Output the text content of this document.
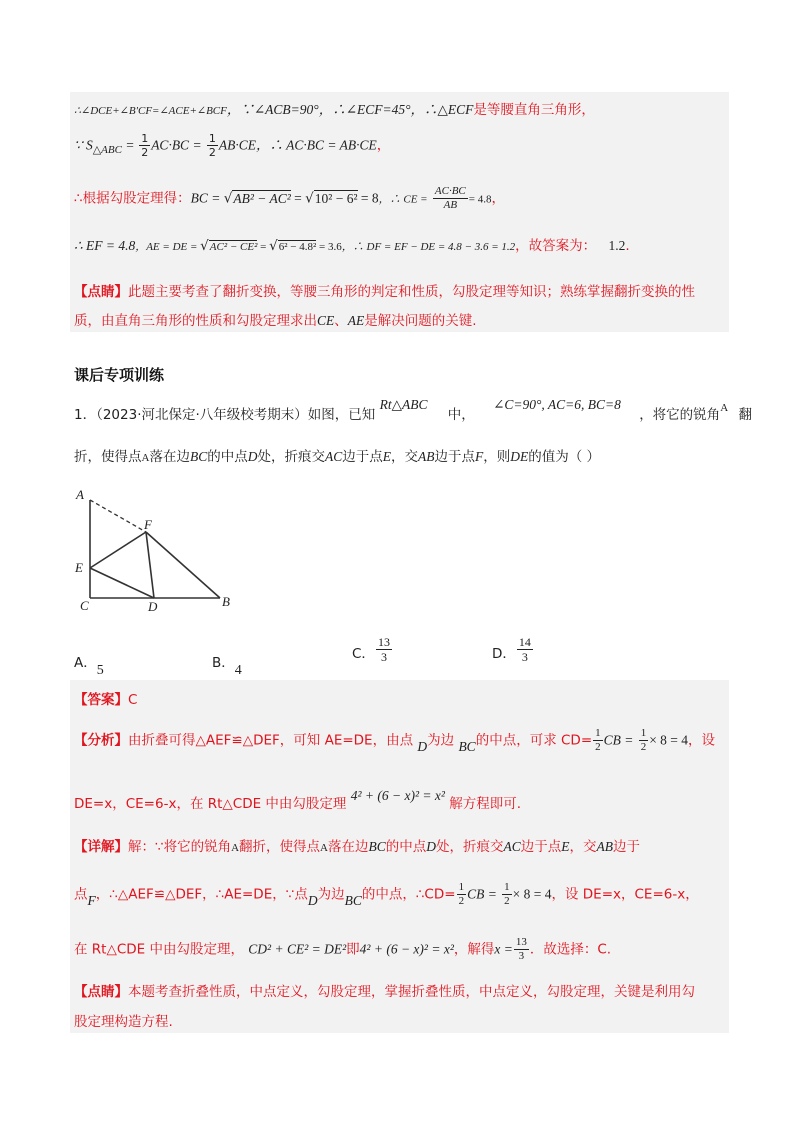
∴∠DCE+∠B′CF=∠ACE+∠BCF，∵∠ACB=90°，∴∠ECF=45°，∴△ECF是等腰直角三角形，
∵ $S_{\triangle ABC} = \frac{1}{2} AC\cdot BC = \frac{1}{2} AB\cdot CE$，∴ AC·BC = AB·CE，
∴根据勾股定理得：BC = √AB² − AC² = √10² − 6² = 8，∴ CE = $\frac{AC\cdot BC}{AB} = 4.8$，
∴ EF = 4.8，AE = DE = √AC² − CE² = √6² − 4.8² = 3.6，∴ DF = EF − DE = 4.8 − 3.6 = 1.2，故答案为： 1.2.
【点睛】此题主要考查了翻折变换，等腰三角形的判定和性质，勾股定理等知识；熟练掌握翻折变换的性
质，由直角三角形的性质和勾股定理求出CE、AE是解决问题的关键.
课后专项训练
1．（2023·河北保定·八年级校考期末）如图，已知 Rt△ABC 中， ∠C=90°, AC=6, BC=8 ，将它的锐角$^A$ 翻
折，使得点A落在边BC的中点D处，折痕交AC边于点E，交AB边于点F，则DE的值为（ ）
A
F
E
C	D	B
A．5	B．4
C． $\frac{13}{3}$	D． $\frac{14}{3}$
【答案】C
【分析】由折叠可得△AEF≌△DEF，可知 AE=DE，由点 D为边 BC的中点，可求 $CD= \frac{1}{2}$ CB = $\frac{1}{2} \times 8 = 4$，设
DE=x，CE=6-x，在 Rt△CDE 中由勾股定理 4² + (6 − x)² = x² 解方程即可.
【详解】解：∵将它的锐角A翻折，使得点A落在边BC的中点D处，折痕交AC边于点E，交AB边于
点F，∴△AEF≌△DEF，∴AE=DE，∵点D为边BC的中点，∴CD= $\frac{1}{2}$ CB = $\frac{1}{2} \times 8 = 4$，设 DE=x，CE=6-x，
在 Rt△CDE 中由勾股定理， CD² + CE² = DE²即4² + (6 − x)² = x²，解得$x = \frac{13}{3}$ ．故选择：C.
【点睛】本题考查折叠性质，中点定义，勾股定理，掌握折叠性质，中点定义，勾股定理，关键是利用勾
股定理构造方程.
